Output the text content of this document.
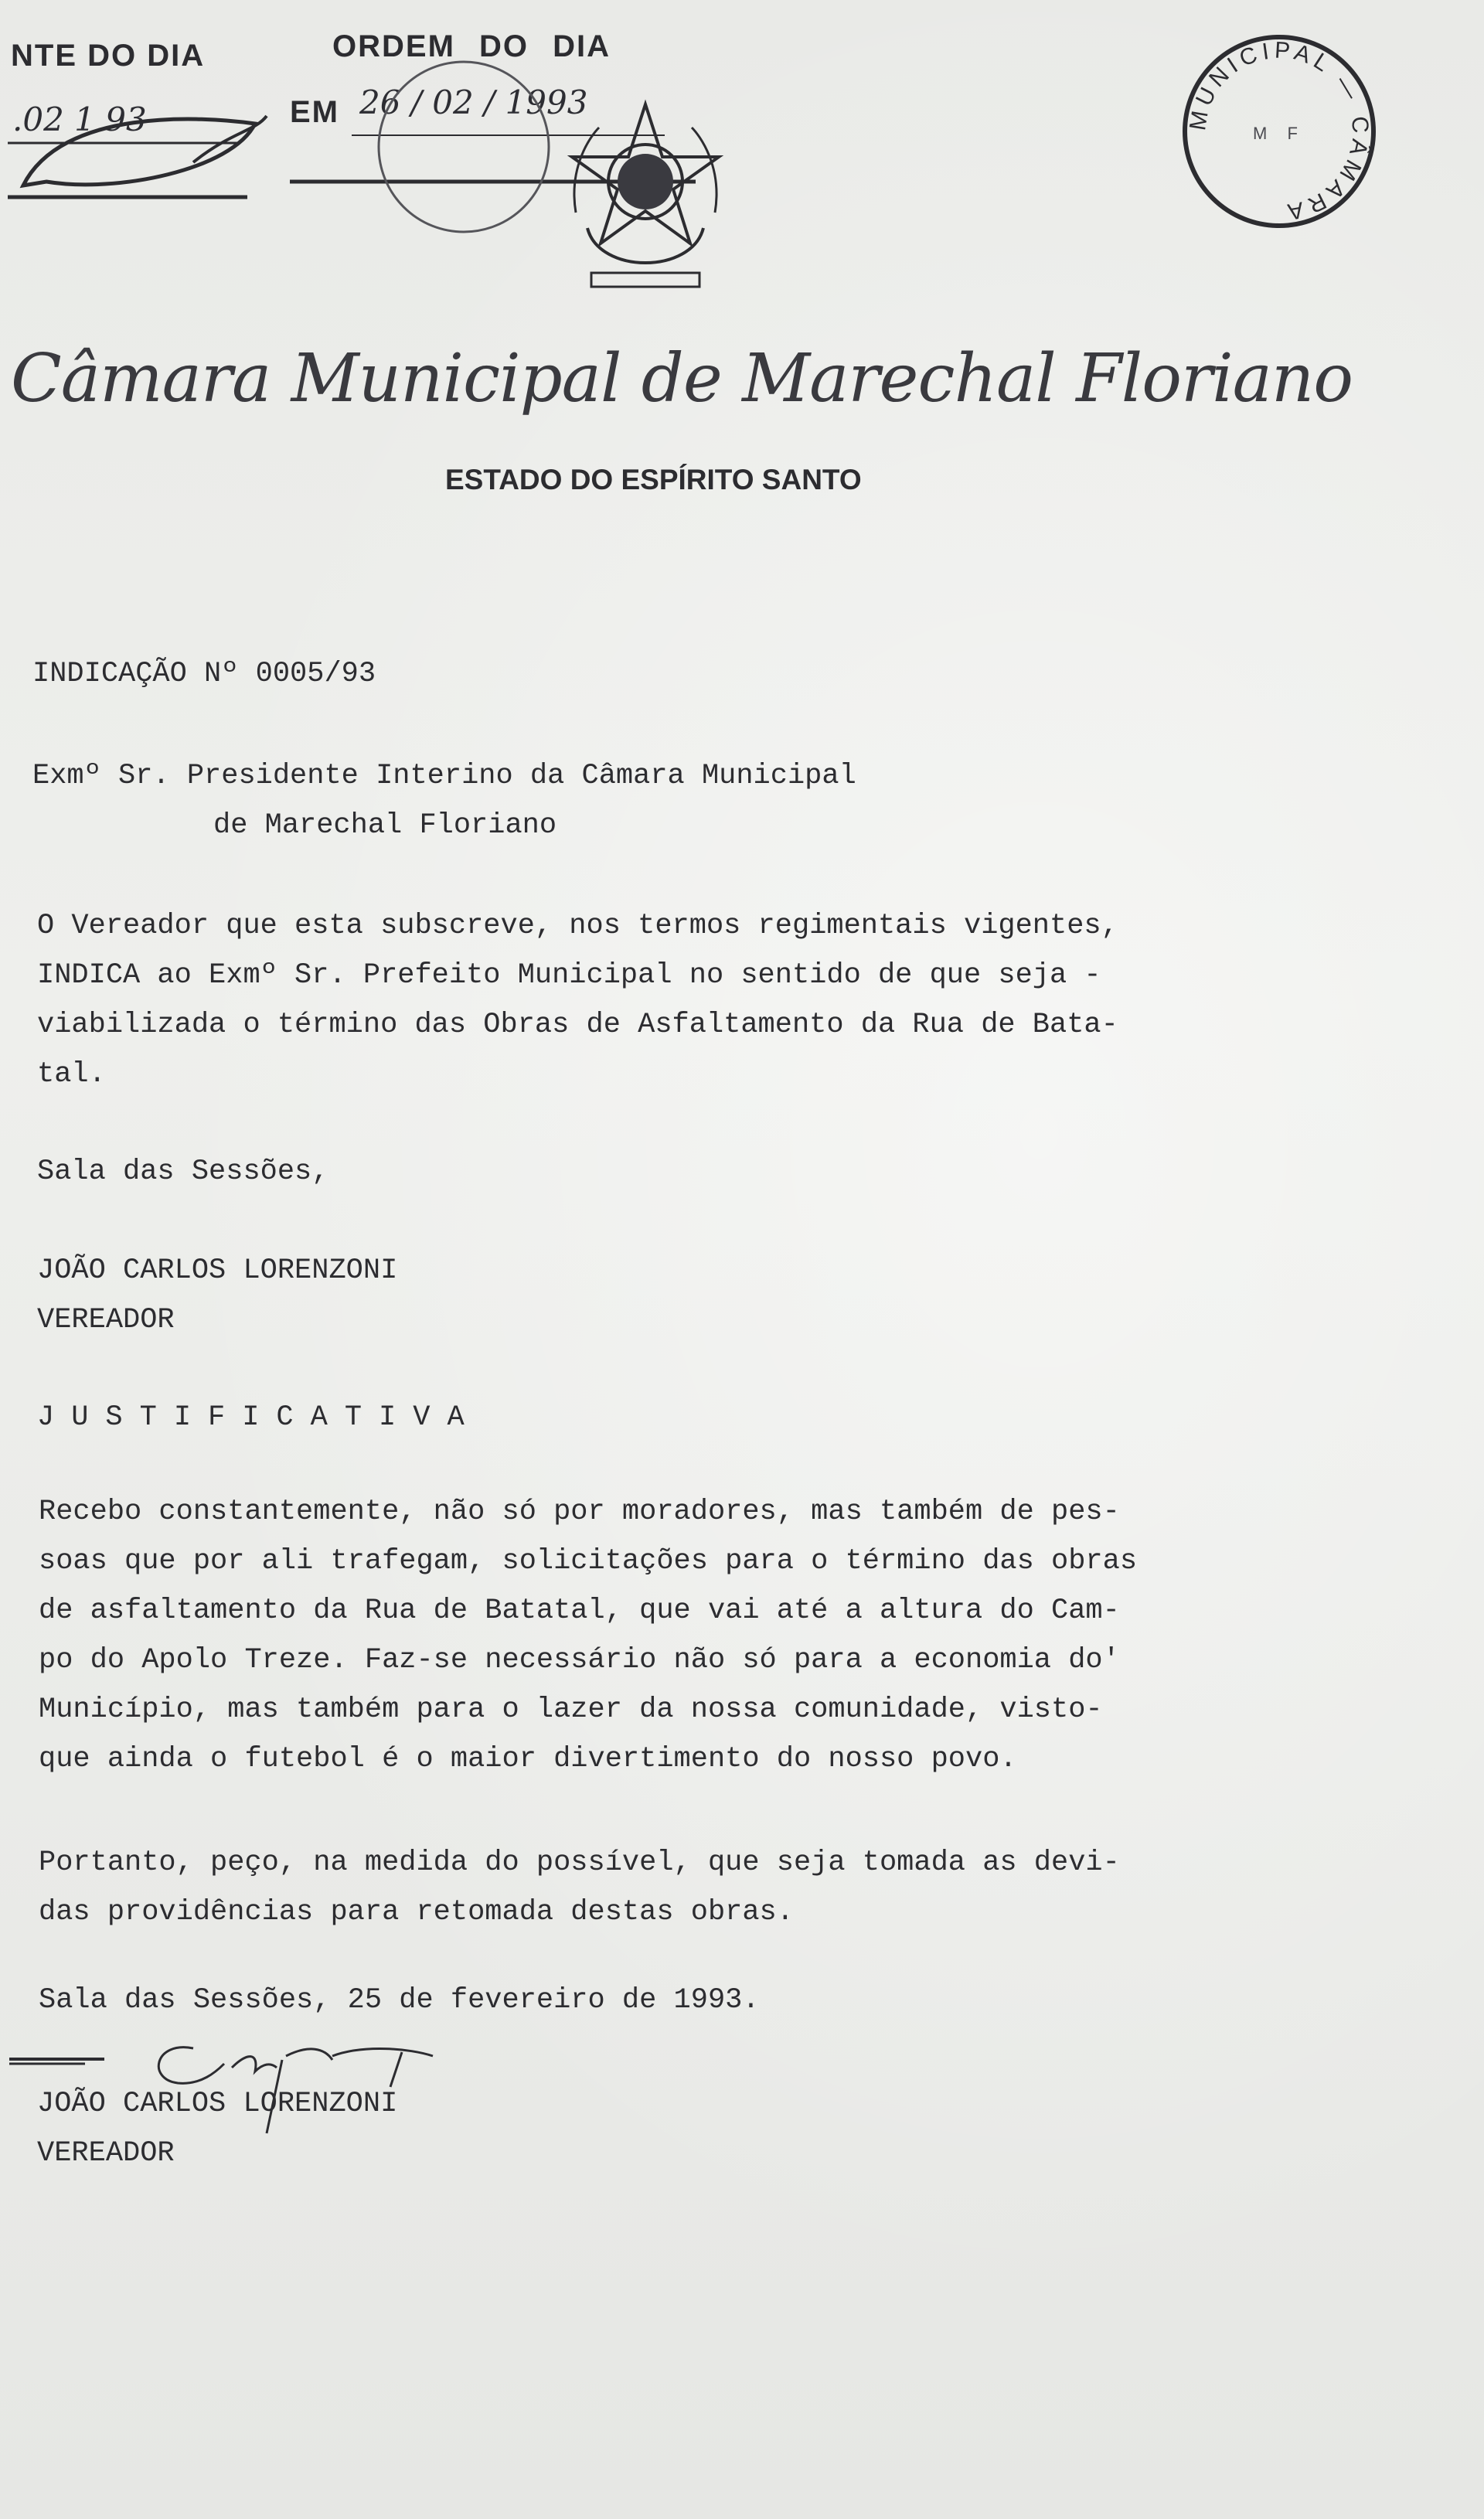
NTE DO DIA
.02 1 93
ORDEM DO DIA
EM 26 / 02 / 1993	MUNICIPAL — CÂMARA
M F
Câmara Municipal de Marechal Floriano
ESTADO DO ESPÍRITO SANTO
INDICAÇÃO Nº 0005/93
Exmº Sr. Presidente Interino da Câmara Municipal
de Marechal Floriano
O Vereador que esta subscreve, nos termos regimentais vigentes,
INDICA ao Exmº Sr. Prefeito Municipal no sentido de que seja -
viabilizada o término das Obras de Asfaltamento da Rua de Bata-
tal.
Sala das Sessões,
JOÃO CARLOS LORENZONI
VEREADOR
JUSTIFICATIVA
Recebo constantemente, não só por moradores, mas também de pes-
soas que por ali trafegam, solicitações para o término das obras
de asfaltamento da Rua de Batatal, que vai até a altura do Cam-
po do Apolo Treze. Faz-se necessário não só para a economia do'
Município, mas também para o lazer da nossa comunidade, visto-
que ainda o futebol é o maior divertimento do nosso povo.
Portanto, peço, na medida do possível, que seja tomada as devi-
das providências para retomada destas obras.
Sala das Sessões, 25 de fevereiro de 1993.
JOÃO CARLOS LORENZONI
VEREADOR
